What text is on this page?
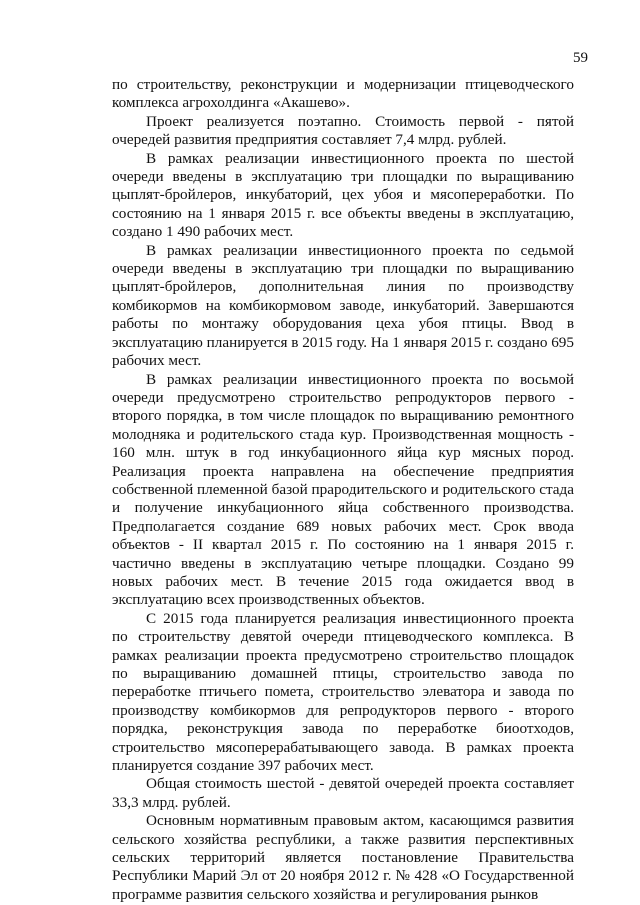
59

по строительству, реконструкции и модернизации птицеводческого комплекса агрохолдинга «Акашево».

Проект реализуется поэтапно. Стоимость первой - пятой очередей развития предприятия составляет 7,4 млрд. рублей.

В рамках реализации инвестиционного проекта по шестой очереди введены в эксплуатацию три площадки по выращиванию цыплят-бройлеров, инкубаторий, цех убоя и мясопереработки. По состоянию на 1 января 2015 г. все объекты введены в эксплуатацию, создано 1 490 рабочих мест.

В рамках реализации инвестиционного проекта по седьмой очереди введены в эксплуатацию три площадки по выращиванию цыплят-бройлеров, дополнительная линия по производству комбикормов на комбикормовом заводе, инкубаторий. Завершаются работы по монтажу оборудования цеха убоя птицы. Ввод в эксплуатацию планируется в 2015 году. На 1 января 2015 г. создано 695 рабочих мест.

В рамках реализации инвестиционного проекта по восьмой очереди предусмотрено строительство репродукторов первого - второго порядка, в том числе площадок по выращиванию ремонтного молодняка и родительского стада кур. Производственная мощность - 160 млн. штук в год инкубационного яйца кур мясных пород. Реализация проекта направлена на обеспечение предприятия собственной племенной базой прародительского и родительского стада и получение инкубационного яйца собственного производства. Предполагается создание 689 новых рабочих мест. Срок ввода объектов - II квартал 2015 г. По состоянию на 1 января 2015 г. частично введены в эксплуатацию четыре площадки. Создано 99 новых рабочих мест. В течение 2015 года ожидается ввод в эксплуатацию всех производственных объектов.

С 2015 года планируется реализация инвестиционного проекта по строительству девятой очереди птицеводческого комплекса. В рамках реализации проекта предусмотрено строительство площадок по выращиванию домашней птицы, строительство завода по переработке птичьего помета, строительство элеватора и завода по производству комбикормов для репродукторов первого - второго порядка, реконструкция завода по переработке биоотходов, строительство мясоперерабатывающего завода. В рамках проекта планируется создание 397 рабочих мест.

Общая стоимость шестой - девятой очередей проекта составляет 33,3 млрд. рублей.

Основным нормативным правовым актом, касающимся развития сельского хозяйства республики, а также развития перспективных сельских территорий является постановление Правительства Республики Марий Эл от 20 ноября 2012 г. № 428 «О Государственной программе развития сельского хозяйства и регулирования рынков
